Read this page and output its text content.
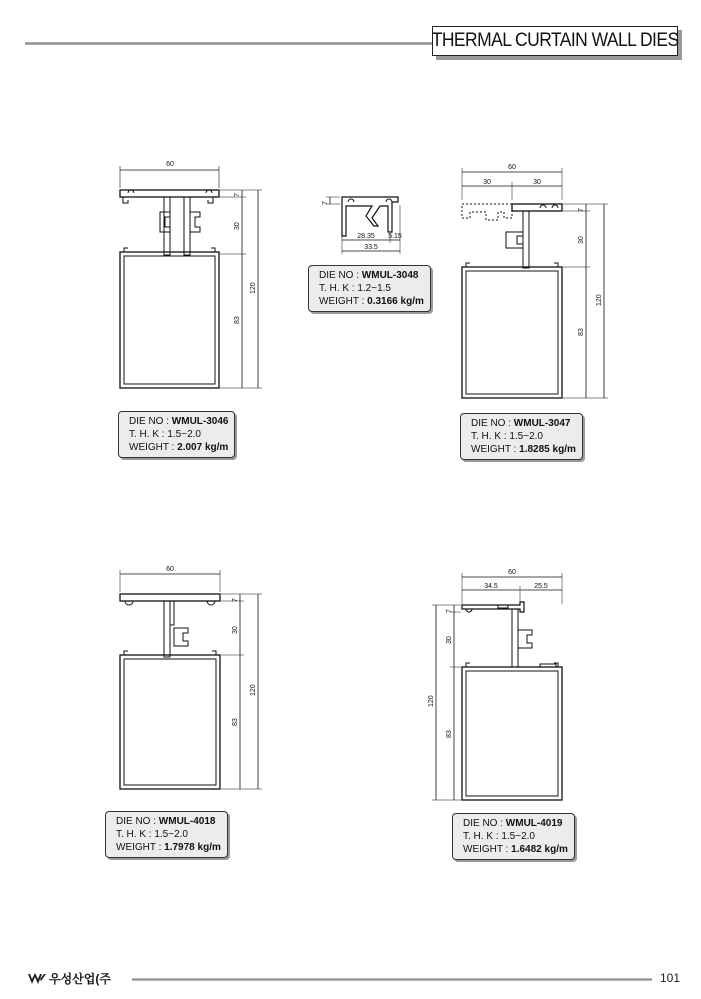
THERMAL CURTAIN WALL DIES
60
7
30
83
120
7
28.35 5.15
33.5
60
30	30
7
30
83
120
60
7
30
83
120
60
34.5	25.5
7
30
83
120
DIE NO : WMUL-3046
T. H. K : 1.5~2.0
WEIGHT : 2.007 kg/m
DIE NO : WMUL-3048
T. H. K : 1.2~1.5
WEIGHT : 0.3166 kg/m
DIE NO : WMUL-3047
T. H. K : 1.5~2.0
WEIGHT : 1.8285 kg/m
DIE NO : WMUL-4018
T. H. K : 1.5~2.0
WEIGHT : 1.7978 kg/m
DIE NO : WMUL-4019
T. H. K : 1.5~2.0
WEIGHT : 1.6482 kg/m
우성산업(주	101
